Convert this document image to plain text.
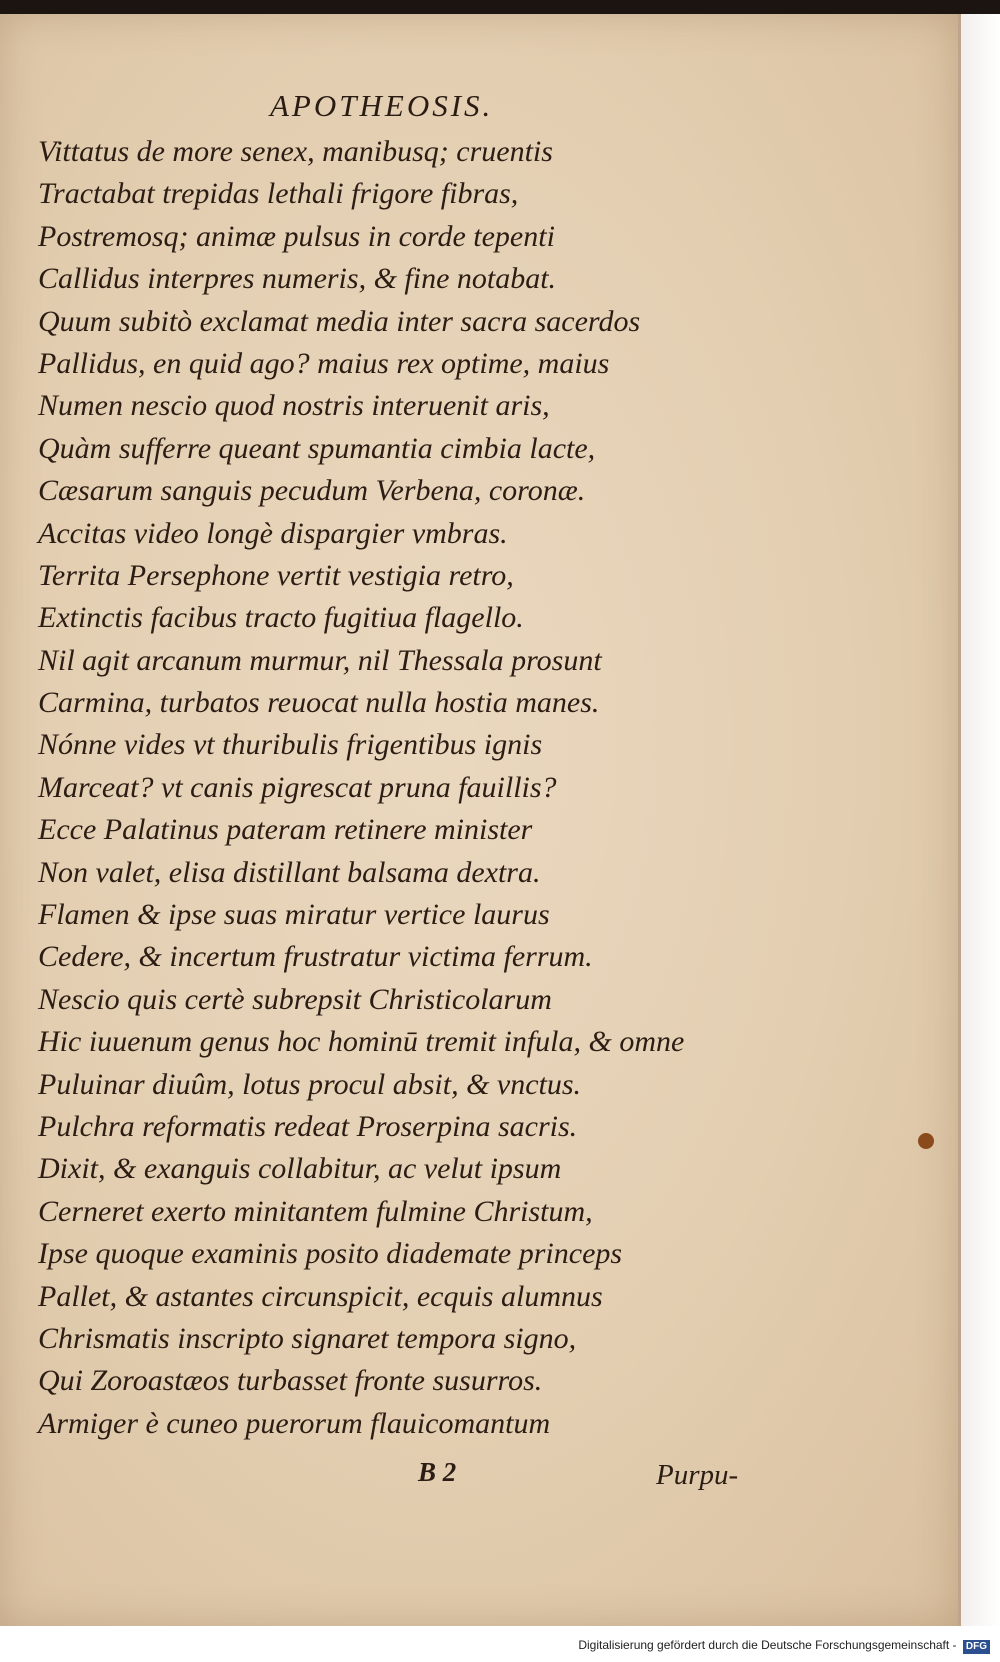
APOTHEOSIS.
Vittatus de more senex, manibusq; cruentis
Tractabat trepidas lethali frigore fibras,
Postremosq; animæ pulsus in corde tepenti
Callidus interpres numeris, & fine notabat.
Quum subitò exclamat media inter sacra sacerdos
Pallidus, en quid ago? maius rex optime, maius
Numen nescio quod nostris interuenit aris,
Quàm sufferre queant spumantia cimbia lacte,
Cæsarum sanguis pecudum Verbena, coronæ.
Accitas video longè dispargier vmbras.
Territa Persephone vertit vestigia retro,
Extinctis facibus tracto fugitiua flagello.
Nil agit arcanum murmur, nil Thessala prosunt
Carmina, turbatos reuocat nulla hostia manes.
Nónne vides vt thuribulis frigentibus ignis
Marceat? vt canis pigrescat pruna fauillis?
Ecce Palatinus pateram retinere minister
Non valet, elisa distillant balsama dextra.
Flamen & ipse suas miratur vertice laurus
Cedere, & incertum frustratur victima ferrum.
Nescio quis certè subrepsit Christicolarum
Hic iuuenum genus hoc hominū tremit infula, & omne
Puluinar diuûm, lotus procul absit, & vnctus.
Pulchra reformatis redeat Proserpina sacris.
Dixit, & exanguis collabitur, ac velut ipsum
Cerneret exerto minitantem fulmine Christum,
Ipse quoque examinis posito diademate princeps
Pallet, & astantes circunspicit, ecquis alumnus
Chrismatis inscripto signaret tempora signo,
Qui Zoroastæos turbasset fronte susurros.
Armiger è cuneo puerorum flauicomantum
B 2	Purpu-
Digitalisierung gefördert durch die Deutsche Forschungsgemeinschaft - DFG
